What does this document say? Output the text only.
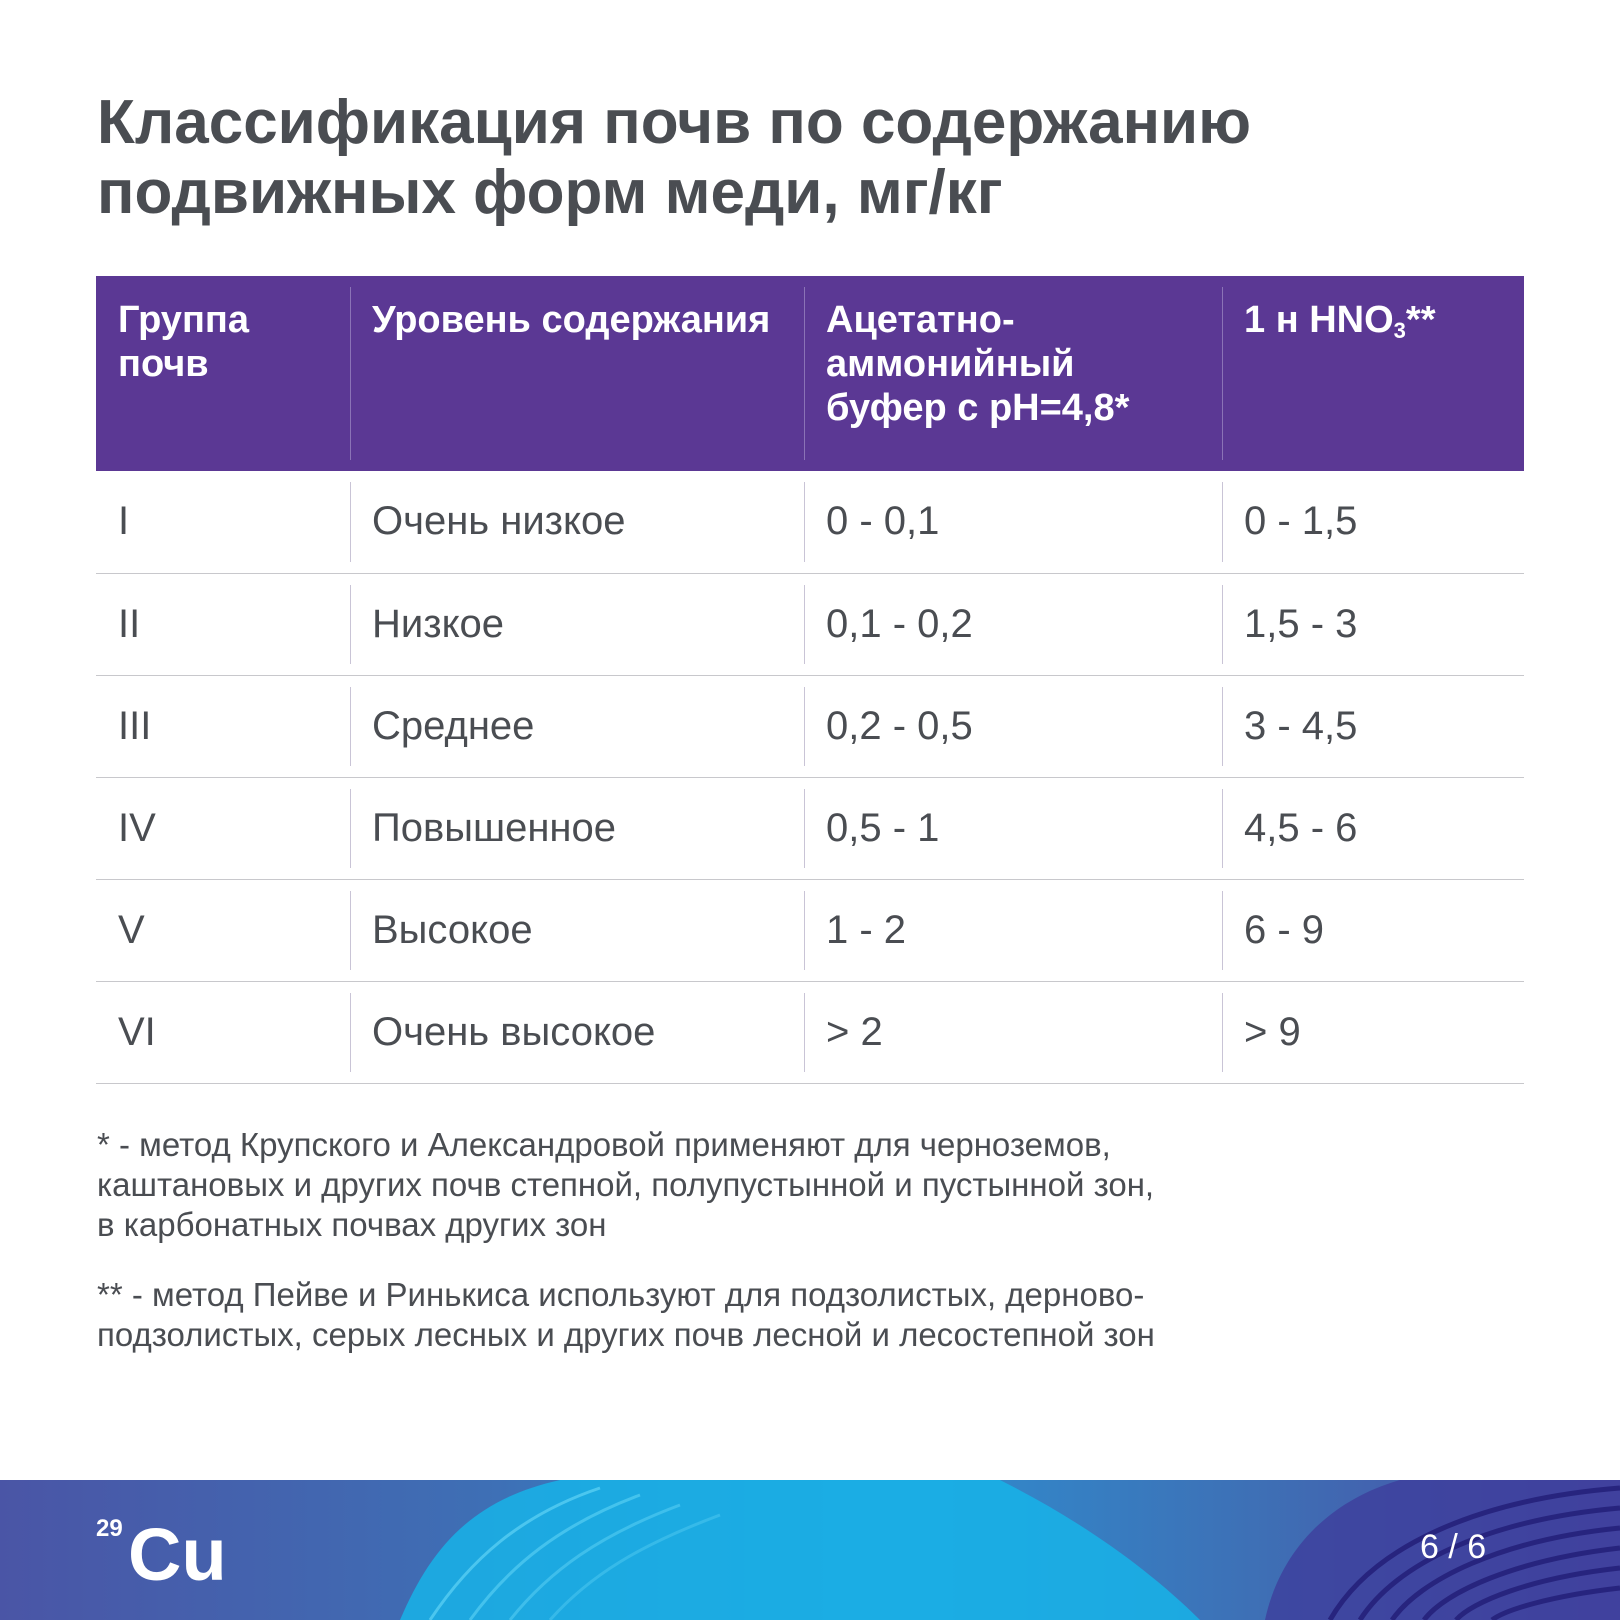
Классификация почв по содержанию
подвижных форм меди, мг/кг
Группа почв	Уровень содержания	Ацетатно-аммонийный буфер с pH=4,8*	1 н $HNO_3**$
I	Очень низкое	0 - 0,1	0 - 1,5
II	Низкое	0,1 - 0,2	1,5 - 3
III	Среднее	0,2 - 0,5	3 - 4,5
IV	Повышенное	0,5 - 1	4,5 - 6
V	Высокое	1 - 2	6 - 9
VI	Очень высокое	> 2	> 9

* - метод Крупского и Александровой применяют для черноземов,
каштановых и других почв степной, полупустынной и пустынной зон,
в карбонатных почвах других зон

** - метод Пейве и Ринькиса используют для подзолистых, дерново-
подзолистых, серых лесных и других почв лесной и лесостепной зон

29 Cu	6 / 6
